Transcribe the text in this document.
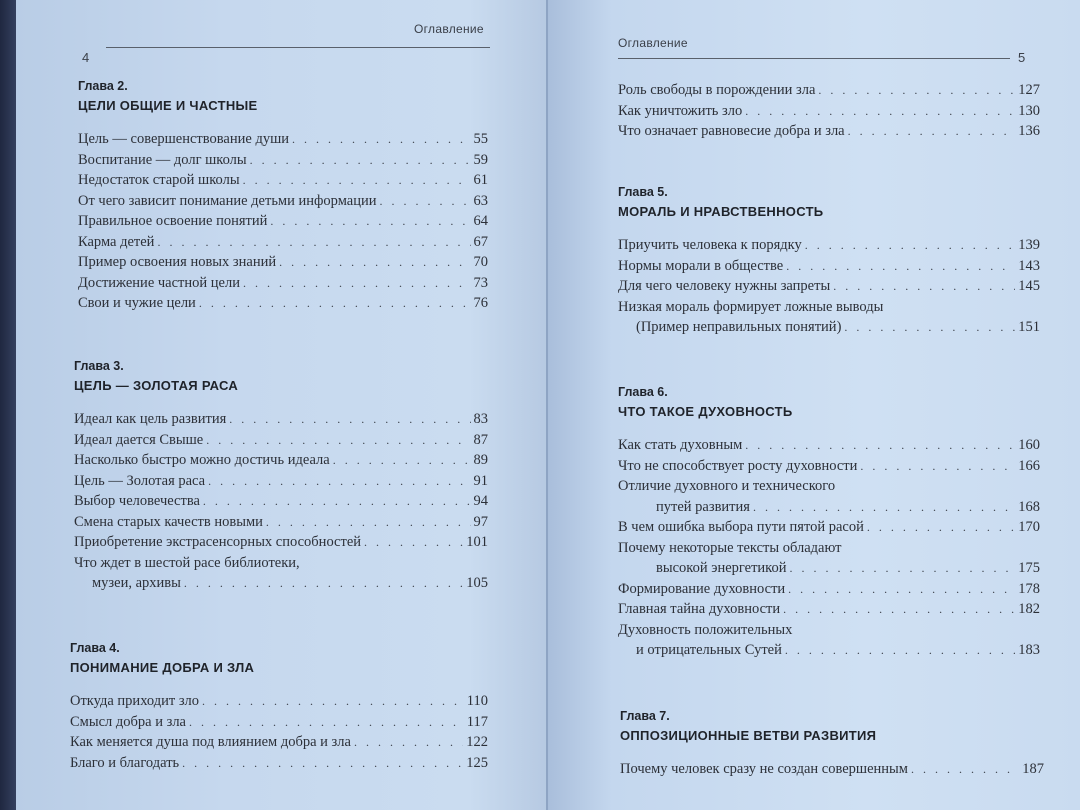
Оглавление
4
Глава 2.
ЦЕЛИ ОБЩИЕ И ЧАСТНЫЕ
Цель — совершенствование души . . .	55
Воспитание — долг школы . . .	59
Недостаток старой школы . . .	61
От чего зависит понимание детьми информации . . .	63
Правильное освоение понятий . . .	64
Карма детей . . .	67
Пример освоения новых знаний . . .	70
Достижение частной цели . . .	73
Свои и чужие цели . . .	76
Глава 3.
ЦЕЛЬ — ЗОЛОТАЯ РАСА
Идеал как цель развития . . .	83
Идеал дается Свыше . . .	87
Насколько быстро можно достичь идеала . . .	89
Цель — Золотая раса . . .	91
Выбор человечества . . .	94
Смена старых качеств новыми . . .	97
Приобретение экстрасенсорных способностей . . .	101
Что ждет в шестой расе библиотеки,
музеи, архивы . . .	105
Глава 4.
ПОНИМАНИЕ ДОБРА И ЗЛА
Откуда приходит зло . . .	110
Смысл добра и зла . . .	117
Как меняется душа под влиянием добра и зла . . .	122
Благо и благодать . . .	125
Оглавление
5
Роль свободы в порождении зла . . .	127
Как уничтожить зло . . .	130
Что означает равновесие добра и зла . . .	136
Глава 5.
МОРАЛЬ И НРАВСТВЕННОСТЬ
Приучить человека к порядку . . .	139
Нормы морали в обществе . . .	143
Для чего человеку нужны запреты . . .	145
Низкая мораль формирует ложные выводы
(Пример неправильных понятий) . . .	151
Глава 6.
ЧТО ТАКОЕ ДУХОВНОСТЬ
Как стать духовным . . .	160
Что не способствует росту духовности . . .	166
Отличие духовного и технического
путей развития . . .	168
В чем ошибка выбора пути пятой расой . . .	170
Почему некоторые тексты обладают
высокой энергетикой . . .	175
Формирование духовности . . .	178
Главная тайна духовности . . .	182
Духовность положительных
и отрицательных Сутей . . .	183
Глава 7.
ОППОЗИЦИОННЫЕ ВЕТВИ РАЗВИТИЯ
Почему человек сразу не создан совершенным . . .	187
